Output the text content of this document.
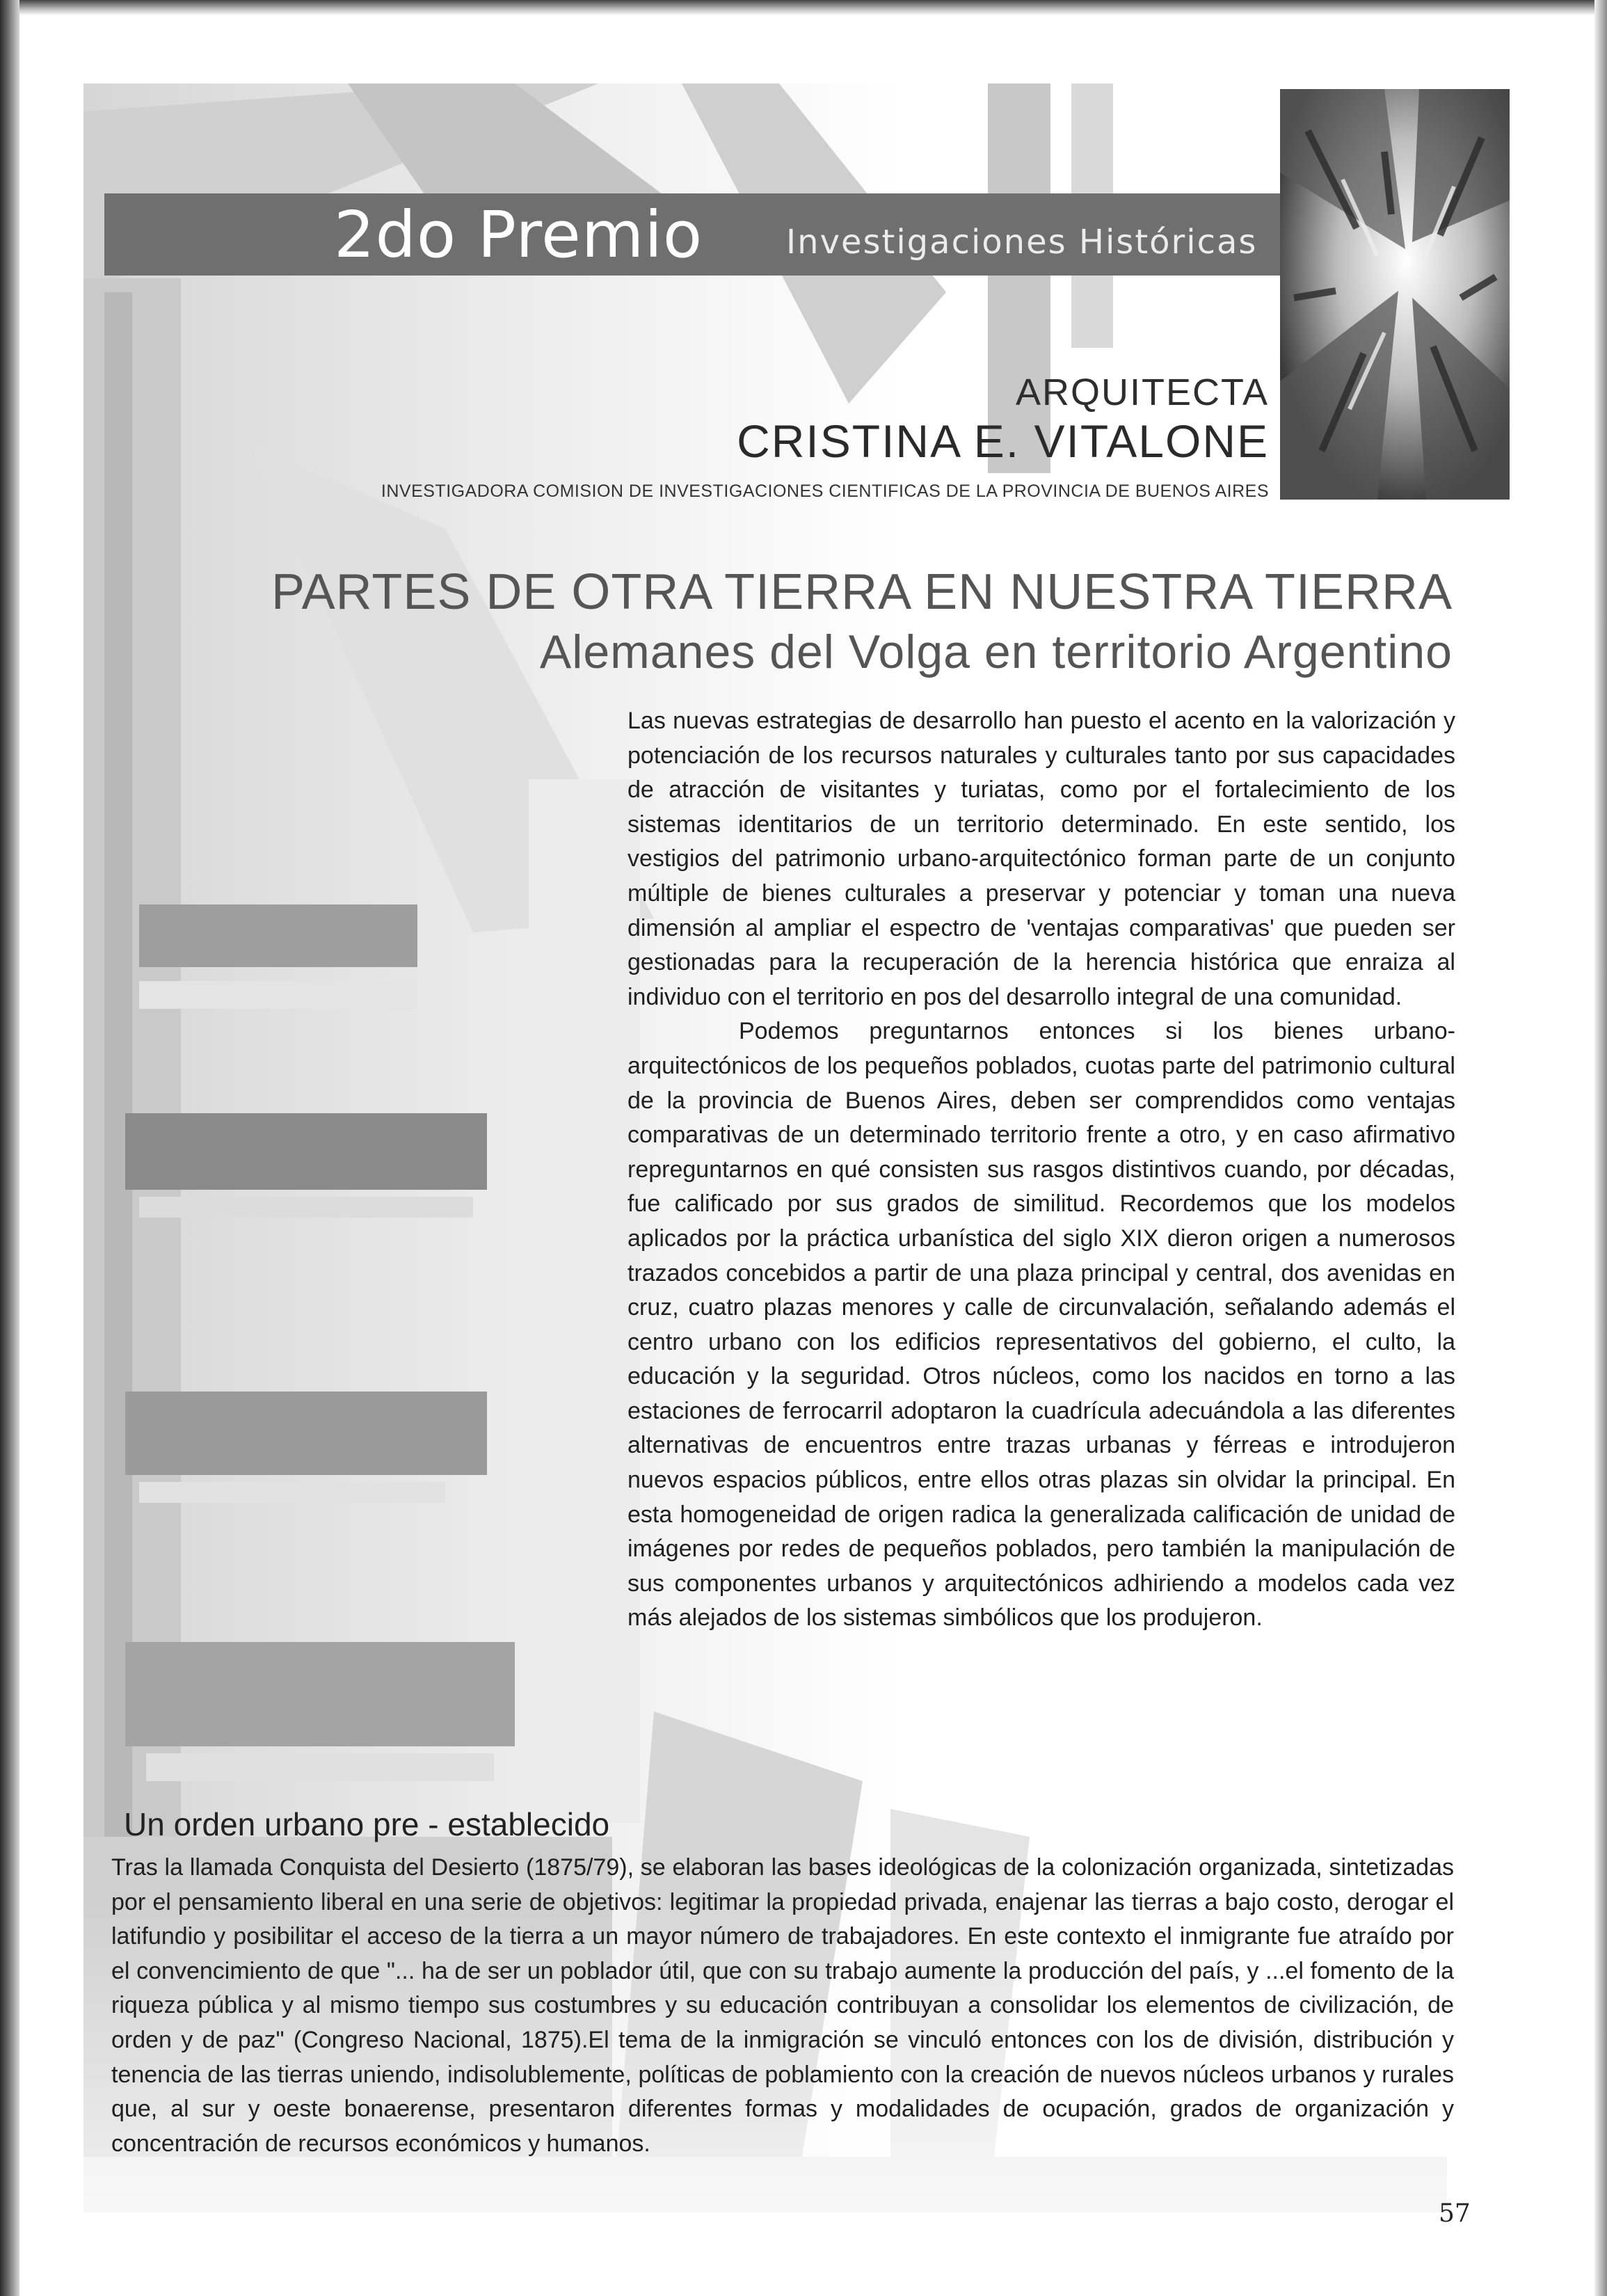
2do Premio Investigaciones Históricas
ARQUITECTA
CRISTINA E. VITALONE
INVESTIGADORA COMISION DE INVESTIGACIONES CIENTIFICAS DE LA PROVINCIA DE BUENOS AIRES
PARTES DE OTRA TIERRA EN NUESTRA TIERRA
Alemanes del Volga en territorio Argentino

Las nuevas estrategias de desarrollo han puesto el acento en la valorización y potenciación de los recursos naturales y culturales tanto por sus capacidades de atracción de visitantes y turiatas, como por el fortalecimiento de los sistemas identitarios de un territorio determinado. En este sentido, los vestigios del patrimonio urbano-arquitectónico forman parte de un conjunto múltiple de bienes culturales a preservar y potenciar y toman una nueva dimensión al ampliar el espectro de 'ventajas comparativas' que pueden ser gestionadas para la recuperación de la herencia histórica que enraiza al individuo con el territorio en pos del desarrollo integral de una comunidad.

Podemos preguntarnos entonces si los bienes urbano-arquitectónicos de los pequeños poblados, cuotas parte del patrimonio cultural de la provincia de Buenos Aires, deben ser comprendidos como ventajas comparativas de un determinado territorio frente a otro, y en caso afirmativo repreguntarnos en qué consisten sus rasgos distintivos cuando, por décadas, fue calificado por sus grados de similitud. Recordemos que los modelos aplicados por la práctica urbanística del siglo XIX dieron origen a numerosos trazados concebidos a partir de una plaza principal y central, dos avenidas en cruz, cuatro plazas menores y calle de circunvalación, señalando además el centro urbano con los edificios representativos del gobierno, el culto, la educación y la seguridad. Otros núcleos, como los nacidos en torno a las estaciones de ferrocarril adoptaron la cuadrícula adecuándola a las diferentes alternativas de encuentros entre trazas urbanas y férreas e introdujeron nuevos espacios públicos, entre ellos otras plazas sin olvidar la principal. En esta homogeneidad de origen radica la generalizada calificación de unidad de imágenes por redes de pequeños poblados, pero también la manipulación de sus componentes urbanos y arquitectónicos adhiriendo a modelos cada vez más alejados de los sistemas simbólicos que los produjeron.

Un orden urbano pre - establecido

Tras la llamada Conquista del Desierto (1875/79), se elaboran las bases ideológicas de la colonización organizada, sintetizadas por el pensamiento liberal en una serie de objetivos: legitimar la propiedad privada, enajenar las tierras a bajo costo, derogar el latifundio y posibilitar el acceso de la tierra a un mayor número de trabajadores. En este contexto el inmigrante fue atraído por el convencimiento de que "... ha de ser un poblador útil, que con su trabajo aumente la producción del país, y ...el fomento de la riqueza pública y al mismo tiempo sus costumbres y su educación contribuyan a consolidar los elementos de civilización, de orden y de paz" (Congreso Nacional, 1875).El tema de la inmigración se vinculó entonces con los de división, distribución y tenencia de las tierras uniendo, indisolublemente, políticas de poblamiento con la creación de nuevos núcleos urbanos y rurales que, al sur y oeste bonaerense, presentaron diferentes formas y modalidades de ocupación, grados de organización y concentración de recursos económicos y humanos.

57
